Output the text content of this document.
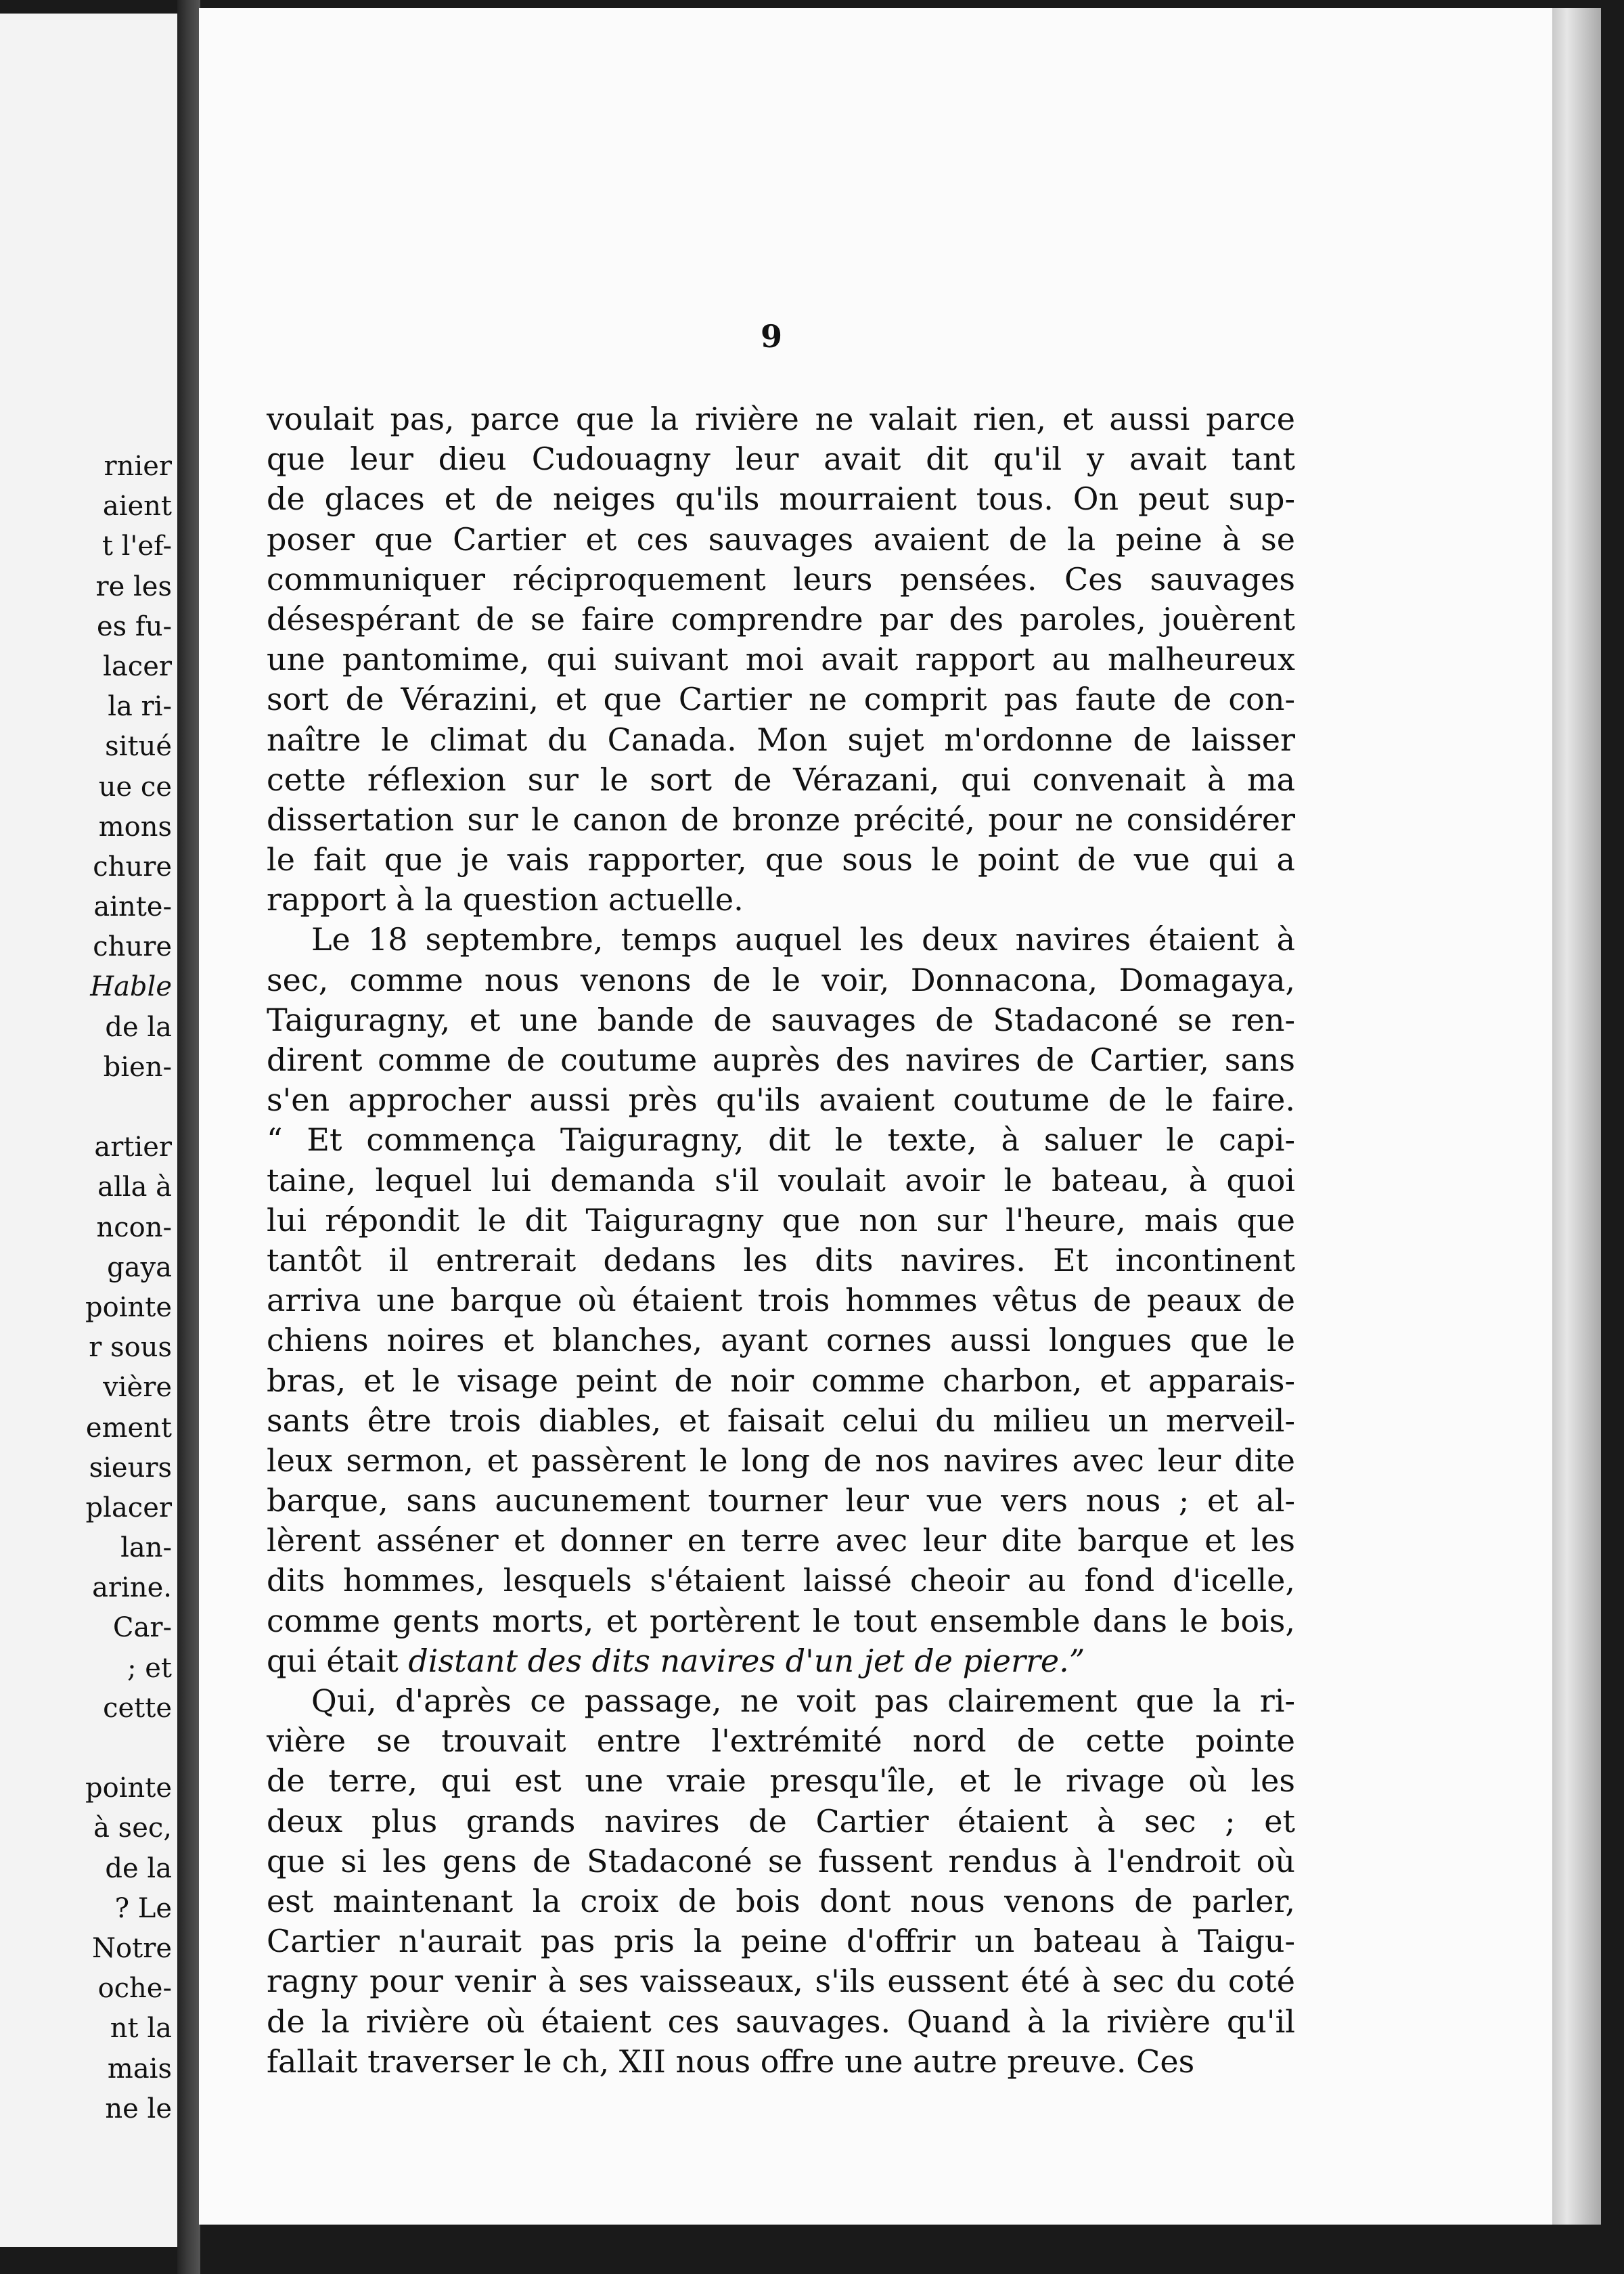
rnier
aient
t l'ef-
re les
es fu-
lacer
la ri-
situé
ue ce
mons
chure
ainte-
chure
Hable
de la
bien-
artier
alla à
ncon-
gaya
pointe
r sous
vière
ement
sieurs
placer
lan-
arine.
Car-
; et
cette
pointe
à sec,
de la
? Le
Notre
oche-
nt la
mais
ne le
9
voulait pas, parce que la rivière ne valait rien, et aussi parce
que leur dieu Cudouagny leur avait dit qu'il y avait tant
de glaces et de neiges qu'ils mourraient tous. On peut sup-
poser que Cartier et ces sauvages avaient de la peine à se
communiquer réciproquement leurs pensées. Ces sauvages
désespérant de se faire comprendre par des paroles, jouèrent
une pantomime, qui suivant moi avait rapport au malheureux
sort de Vérazini, et que Cartier ne comprit pas faute de con-
naître le climat du Canada. Mon sujet m'ordonne de laisser
cette réflexion sur le sort de Vérazani, qui convenait à ma
dissertation sur le canon de bronze précité, pour ne considérer
le fait que je vais rapporter, que sous le point de vue qui a
rapport à la question actuelle.
Le 18 septembre, temps auquel les deux navires étaient à
sec, comme nous venons de le voir, Donnacona, Domagaya,
Taiguragny, et une bande de sauvages de Stadaconé se ren-
dirent comme de coutume auprès des navires de Cartier, sans
s'en approcher aussi près qu'ils avaient coutume de le faire.
“ Et commença Taiguragny, dit le texte, à saluer le capi-
taine, lequel lui demanda s'il voulait avoir le bateau, à quoi
lui répondit le dit Taiguragny que non sur l'heure, mais que
tantôt il entrerait dedans les dits navires. Et incontinent
arriva une barque où étaient trois hommes vêtus de peaux de
chiens noires et blanches, ayant cornes aussi longues que le
bras, et le visage peint de noir comme charbon, et apparais-
sants être trois diables, et faisait celui du milieu un merveil-
leux sermon, et passèrent le long de nos navires avec leur dite
barque, sans aucunement tourner leur vue vers nous ; et al-
lèrent asséner et donner en terre avec leur dite barque et les
dits hommes, lesquels s'étaient laissé cheoir au fond d'icelle,
comme gents morts, et portèrent le tout ensemble dans le bois,
qui était distant des dits navires d'un jet de pierre.”
Qui, d'après ce passage, ne voit pas clairement que la ri-
vière se trouvait entre l'extrémité nord de cette pointe
de terre, qui est une vraie presqu'île, et le rivage où les
deux plus grands navires de Cartier étaient à sec ; et
que si les gens de Stadaconé se fussent rendus à l'endroit où
est maintenant la croix de bois dont nous venons de parler,
Cartier n'aurait pas pris la peine d'offrir un bateau à Taigu-
ragny pour venir à ses vaisseaux, s'ils eussent été à sec du coté
de la rivière où étaient ces sauvages. Quand à la rivière qu'il
fallait traverser le ch, XII nous offre une autre preuve. Ces
